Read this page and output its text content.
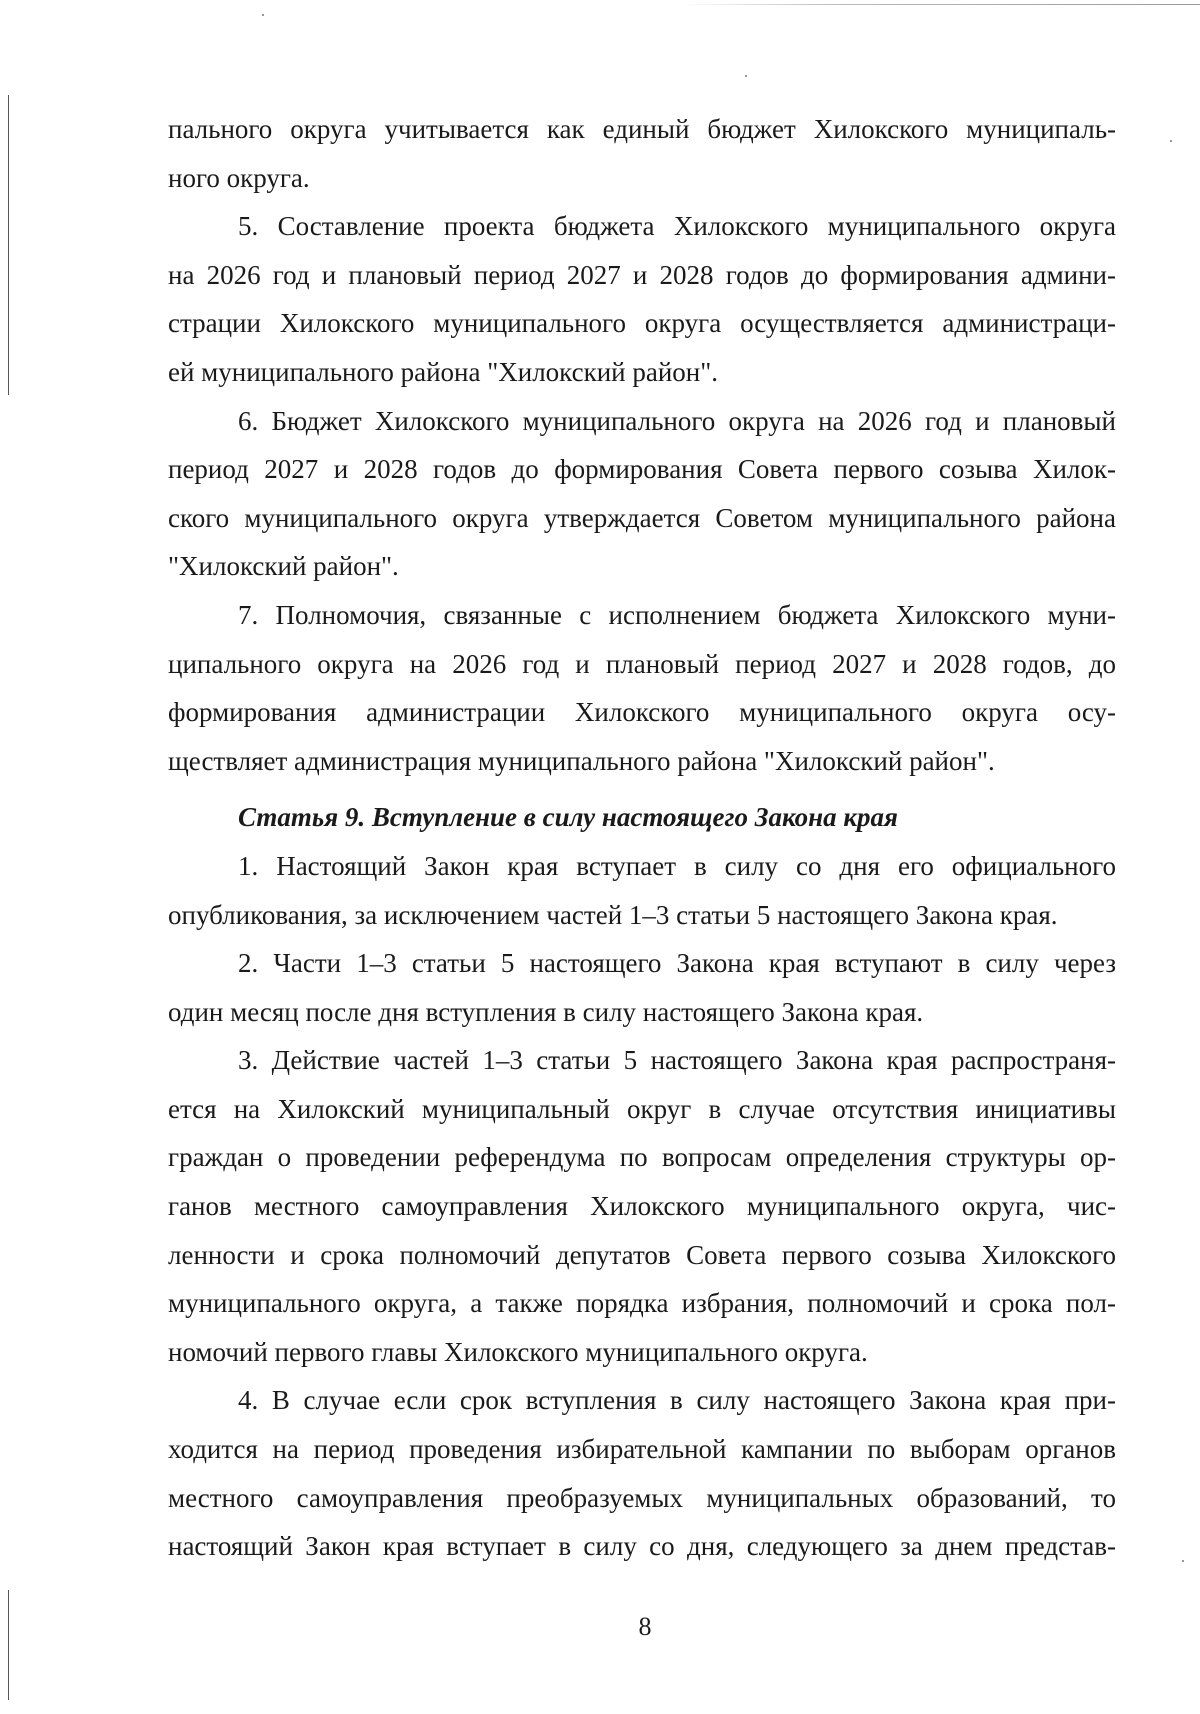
пального округа учитывается как единый бюджет Хилокского муниципаль-
ного округа.
5. Составление проекта бюджета Хилокского муниципального округа
на 2026 год и плановый период 2027 и 2028 годов до формирования админи-
страции Хилокского муниципального округа осуществляется администраци-
ей муниципального района "Хилокский район".
6. Бюджет Хилокского муниципального округа на 2026 год и плановый
период 2027 и 2028 годов до формирования Совета первого созыва Хилок-
ского муниципального округа утверждается Советом муниципального района
"Хилокский район".
7. Полномочия, связанные с исполнением бюджета Хилокского муни-
ципального округа на 2026 год и плановый период 2027 и 2028 годов, до
формирования администрации Хилокского муниципального округа осу-
ществляет администрация муниципального района "Хилокский район".
Статья 9. Вступление в силу настоящего Закона края
1. Настоящий Закон края вступает в силу со дня его официального
опубликования, за исключением частей 1–3 статьи 5 настоящего Закона края.
2. Части 1–3 статьи 5 настоящего Закона края вступают в силу через
один месяц после дня вступления в силу настоящего Закона края.
3. Действие частей 1–3 статьи 5 настоящего Закона края распространя-
ется на Хилокский муниципальный округ в случае отсутствия инициативы
граждан о проведении референдума по вопросам определения структуры ор-
ганов местного самоуправления Хилокского муниципального округа, чис-
ленности и срока полномочий депутатов Совета первого созыва Хилокского
муниципального округа, а также порядка избрания, полномочий и срока пол-
номочий первого главы Хилокского муниципального округа.
4. В случае если срок вступления в силу настоящего Закона края при-
ходится на период проведения избирательной кампании по выборам органов
местного самоуправления преобразуемых муниципальных образований, то
настоящий Закон края вступает в силу со дня, следующего за днем представ-
8
